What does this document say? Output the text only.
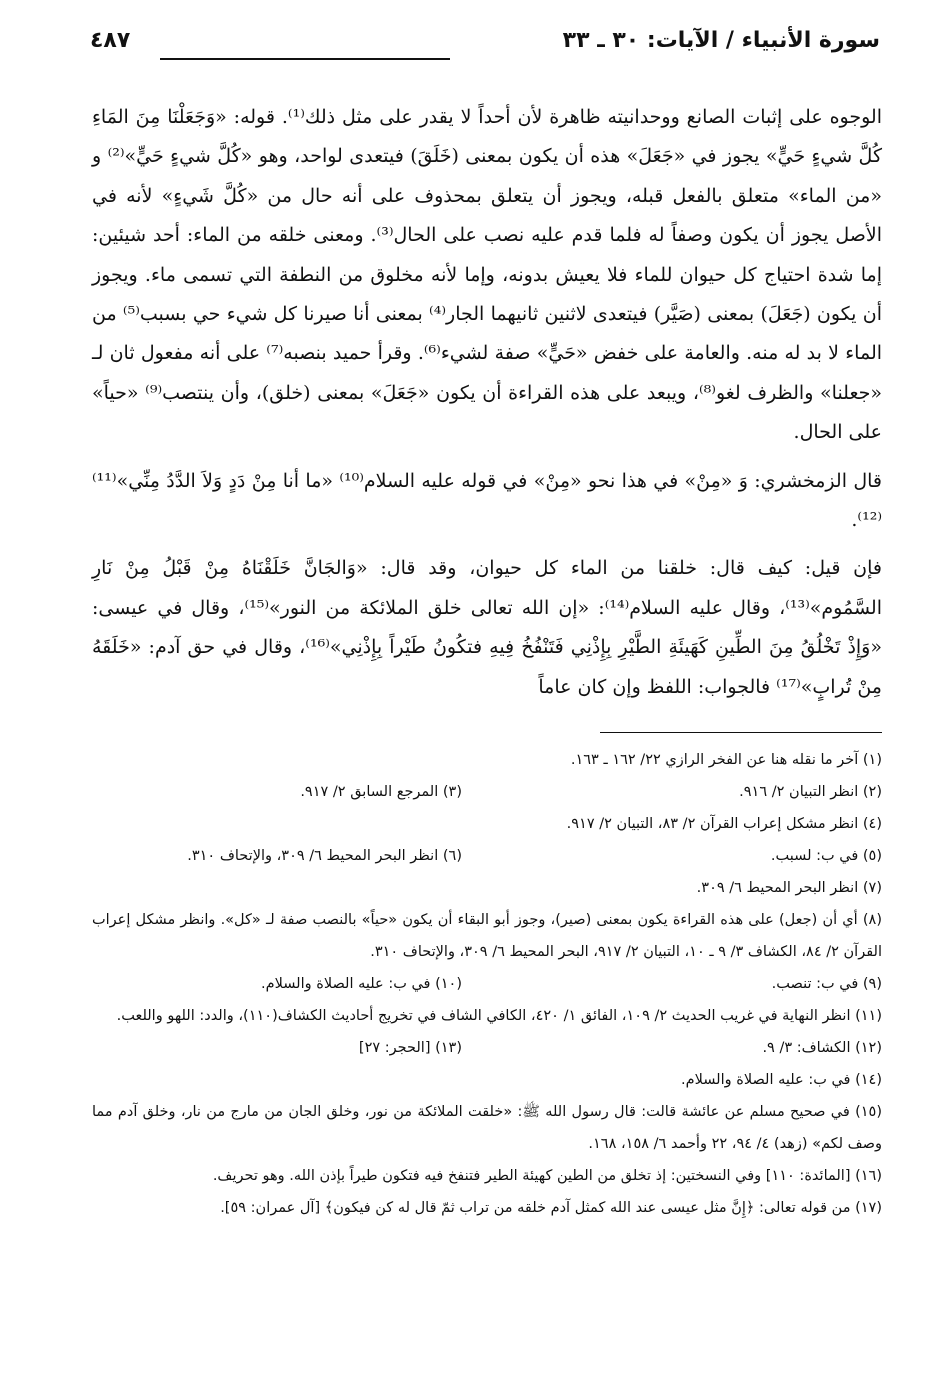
سورة الأنبياء / الآيات: ٣٠ ـ ٣٣
٤٨٧

الوجوه على إثبات الصانع ووحدانيته ظاهرة لأن أحداً لا يقدر على مثل ذلك⁽¹⁾. قوله: «وَجَعَلْنَا مِنَ المَاءِ كُلَّ شيءٍ حَيٍّ» يجوز في «جَعَلَ» هذه أن يكون بمعنى (خَلَقَ) فيتعدى لواحد، وهو «كُلَّ شيءٍ حَيٍّ»⁽²⁾ و «من الماء» متعلق بالفعل قبله، ويجوز أن يتعلق بمحذوف على أنه حال من «كُلَّ شَيءٍ» لأنه في الأصل يجوز أن يكون وصفاً له فلما قدم عليه نصب على الحال⁽³⁾. ومعنى خلقه من الماء: أحد شيئين: إما شدة احتياج كل حيوان للماء فلا يعيش بدونه، وإما لأنه مخلوق من النطفة التي تسمى ماء. ويجوز أن يكون (جَعَلَ) بمعنى (صَيَّر) فيتعدى لاثنين ثانيهما الجار⁽⁴⁾ بمعنى أنا صيرنا كل شيء حي بسبب⁽⁵⁾ من الماء لا بد له منه. والعامة على خفض «حَيٍّ» صفة لشيء⁽⁶⁾. وقرأ حميد بنصبه⁽⁷⁾ على أنه مفعول ثان لـ «جعلنا» والظرف لغو⁽⁸⁾، ويبعد على هذه القراءة أن يكون «جَعَلَ» بمعنى (خلق)، وأن ينتصب⁽⁹⁾ «حياً» على الحال.

قال الزمخشري: وَ «مِنْ» في هذا نحو «مِنْ» في قوله عليه السلام⁽¹⁰⁾ «ما أنا مِنْ دَدٍ وَلاَ الدَّدُ مِنِّي»⁽¹¹⁾⁽¹²⁾.

فإن قيل: كيف قال: خلقنا من الماء كل حيوان، وقد قال: «وَالجَانَّ خَلَقْنَاهُ مِنْ قَبْلُ مِنْ نَارِ السَّمُوم»⁽¹³⁾، وقال عليه السلام⁽¹⁴⁾: «إن الله تعالى خلق الملائكة من النور»⁽¹⁵⁾، وقال في عيسى: «وَإِذْ تَخْلُقُ مِنَ الطِّينِ كَهَيئَةِ الطَّيْرِ بِإِذْنِي فَتَنْفُخُ فِيهِ فتكُونُ طَيْراً بِإِذْنِي»⁽¹⁶⁾، وقال في حق آدم: «خَلَقَهُ مِنْ تُرابٍ»⁽¹⁷⁾ فالجواب: اللفظ وإن كان عاماً

(١) آخر ما نقله هنا عن الفخر الرازي ٢٢/ ١٦٢ ـ ١٦٣.

(٢) انظر التبيان ٢/ ٩١٦.

(٣) المرجع السابق ٢/ ٩١٧.

(٤) انظر مشكل إعراب القرآن ٢/ ٨٣، التبيان ٢/ ٩١٧.

(٥) في ب: لسبب.

(٦) انظر البحر المحيط ٦/ ٣٠٩، والإتحاف ٣١٠.

(٧) انظر البحر المحيط ٦/ ٣٠٩.

(٨) أي أن (جعل) على هذه القراءة يكون بمعنى (صير)، وجوز أبو البقاء أن يكون «حياً» بالنصب صفة لـ «كل». وانظر مشكل إعراب القرآن ٢/ ٨٤، الكشاف ٣/ ٩ ـ ١٠، التبيان ٢/ ٩١٧، البحر المحيط ٦/ ٣٠٩، والإتحاف ٣١٠.

(٩) في ب: تنصب.

(١٠) في ب: عليه الصلاة والسلام.

(١١) انظر النهاية في غريب الحديث ٢/ ١٠٩، الفائق ١/ ٤٢٠، الكافي الشاف في تخريج أحاديث الكشاف(١١٠)، والدد: اللهو واللعب.

(١٢) الكشاف: ٣/ ٩.

(١٣) [الحجر: ٢٧]

(١٤) في ب: عليه الصلاة والسلام.

(١٥) في صحيح مسلم عن عائشة قالت: قال رسول الله ﷺ: «خلقت الملائكة من نور، وخلق الجان من مارج من نار، وخلق آدم مما وصف لكم» (زهد) ٤/ ٩٤، ٢٢ وأحمد ٦/ ١٥٨، ١٦٨.

(١٦) [المائدة: ١١٠] وفي النسختين: إذ تخلق من الطين كهيئة الطير فتنفخ فيه فتكون طيراً بإذن الله. وهو تحريف.

(١٧) من قوله تعالى: ﴿إِنَّ مثل عيسى عند الله كمثل آدم خلقه من تراب ثمّ قال له كن فيكون﴾ [آل عمران: ٥٩].
